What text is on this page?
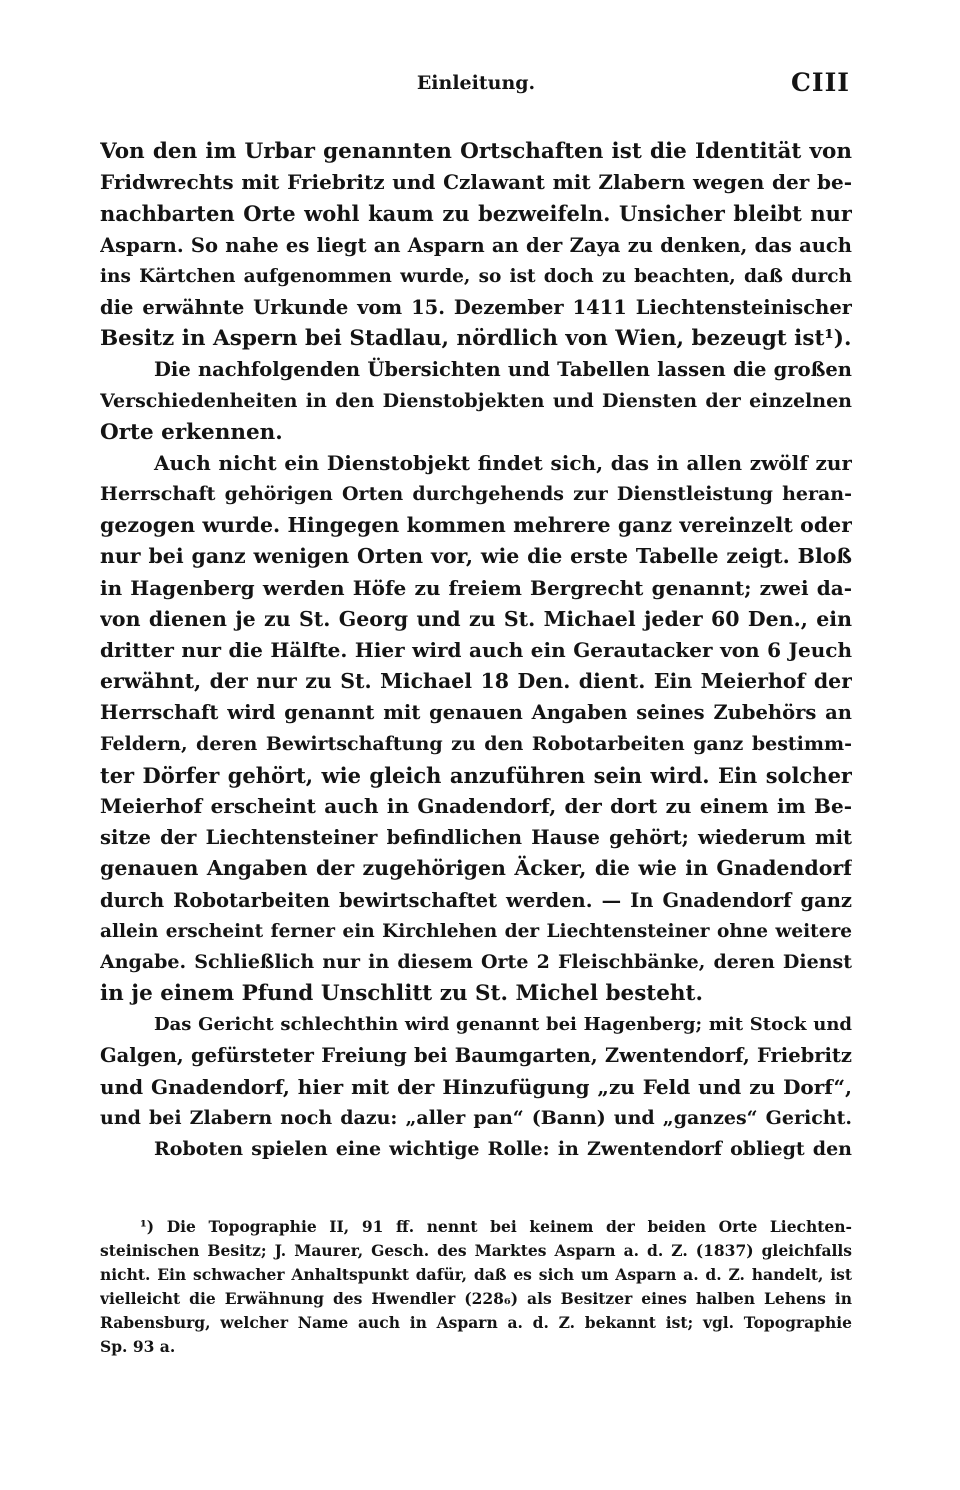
Einleitung.	CIII
Von den im Urbar genannten Ortschaften ist die Identität von
Fridwrechts mit Friebritz und Czlawant mit Zlabern wegen der be-
nachbarten Orte wohl kaum zu bezweifeln. Unsicher bleibt nur
Asparn. So nahe es liegt an Asparn an der Zaya zu denken, das auch
ins Kärtchen aufgenommen wurde, so ist doch zu beachten, daß durch
die erwähnte Urkunde vom 15. Dezember 1411 Liechtensteinischer
Besitz in Aspern bei Stadlau, nördlich von Wien, bezeugt ist¹).
Die nachfolgenden Übersichten und Tabellen lassen die großen
Verschiedenheiten in den Dienstobjekten und Diensten der einzelnen
Orte erkennen.
Auch nicht ein Dienstobjekt findet sich, das in allen zwölf zur
Herrschaft gehörigen Orten durchgehends zur Dienstleistung heran-
gezogen wurde. Hingegen kommen mehrere ganz vereinzelt oder
nur bei ganz wenigen Orten vor, wie die erste Tabelle zeigt. Bloß
in Hagenberg werden Höfe zu freiem Bergrecht genannt; zwei da-
von dienen je zu St. Georg und zu St. Michael jeder 60 Den., ein
dritter nur die Hälfte. Hier wird auch ein Gerautacker von 6 Jeuch
erwähnt, der nur zu St. Michael 18 Den. dient. Ein Meierhof der
Herrschaft wird genannt mit genauen Angaben seines Zubehörs an
Feldern, deren Bewirtschaftung zu den Robotarbeiten ganz bestimm-
ter Dörfer gehört, wie gleich anzuführen sein wird. Ein solcher
Meierhof erscheint auch in Gnadendorf, der dort zu einem im Be-
sitze der Liechtensteiner befindlichen Hause gehört; wiederum mit
genauen Angaben der zugehörigen Äcker, die wie in Gnadendorf
durch Robotarbeiten bewirtschaftet werden. — In Gnadendorf ganz
allein erscheint ferner ein Kirchlehen der Liechtensteiner ohne weitere
Angabe. Schließlich nur in diesem Orte 2 Fleischbänke, deren Dienst
in je einem Pfund Unschlitt zu St. Michel besteht.
Das Gericht schlechthin wird genannt bei Hagenberg; mit Stock und
Galgen, gefürsteter Freiung bei Baumgarten, Zwentendorf, Friebritz
und Gnadendorf, hier mit der Hinzufügung „zu Feld und zu Dorf“,
und bei Zlabern noch dazu: „aller pan“ (Bann) und „ganzes“ Gericht.
Roboten spielen eine wichtige Rolle: in Zwentendorf obliegt den
¹) Die Topographie II, 91 ff. nennt bei keinem der beiden Orte Liechten-
steinischen Besitz; J. Maurer, Gesch. des Marktes Asparn a. d. Z. (1837) gleichfalls
nicht. Ein schwacher Anhaltspunkt dafür, daß es sich um Asparn a. d. Z. handelt, ist
vielleicht die Erwähnung des Hwendler (228₆) als Besitzer eines halben Lehens in
Rabensburg, welcher Name auch in Asparn a. d. Z. bekannt ist; vgl. Topographie
Sp. 93 a.
